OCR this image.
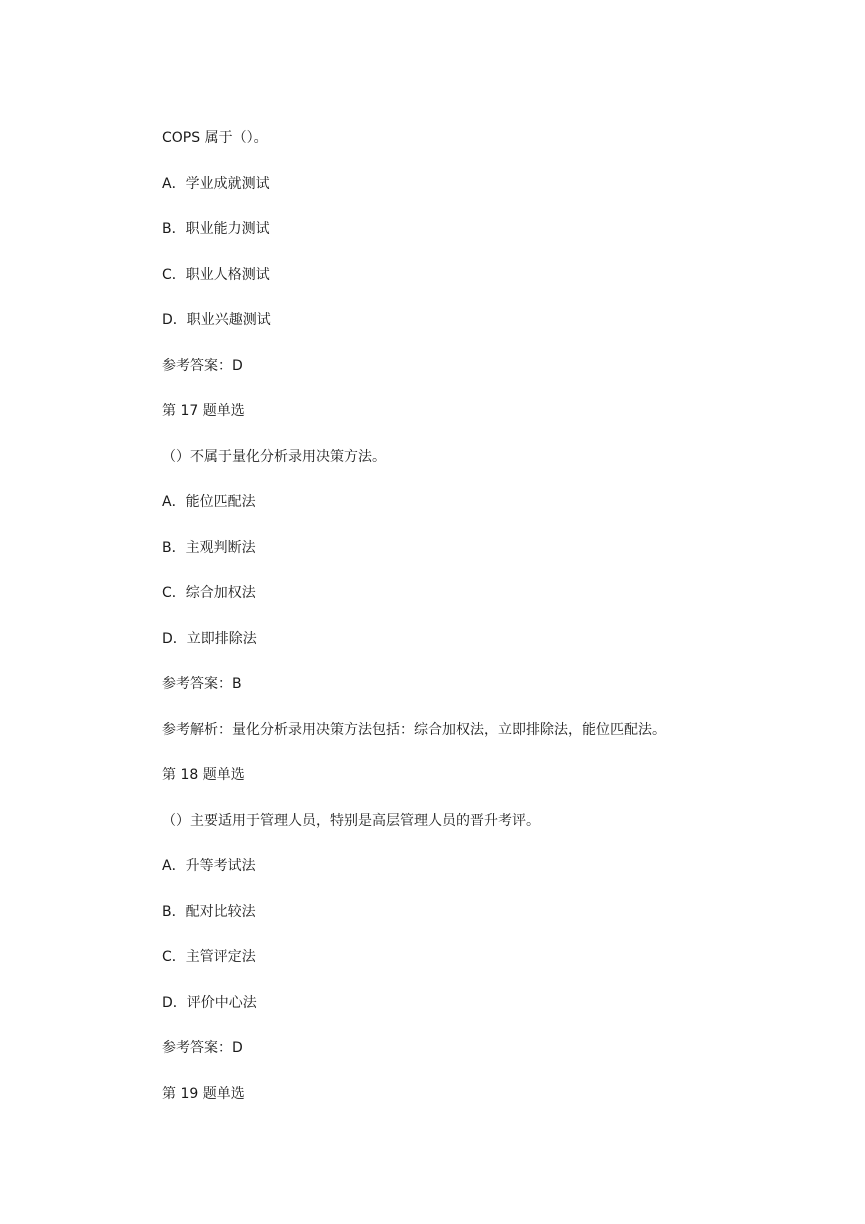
COPS 属于（）。

A．学业成就测试

B．职业能力测试

C．职业人格测试

D．职业兴趣测试

参考答案：D

第 17 题单选

（）不属于量化分析录用决策方法。

A．能位匹配法

B．主观判断法

C．综合加权法

D．立即排除法

参考答案：B

参考解析：量化分析录用决策方法包括：综合加权法，立即排除法，能位匹配法。

第 18 题单选

（）主要适用于管理人员，特别是高层管理人员的晋升考评。

A．升等考试法

B．配对比较法

C．主管评定法

D．评价中心法

参考答案：D

第 19 题单选
